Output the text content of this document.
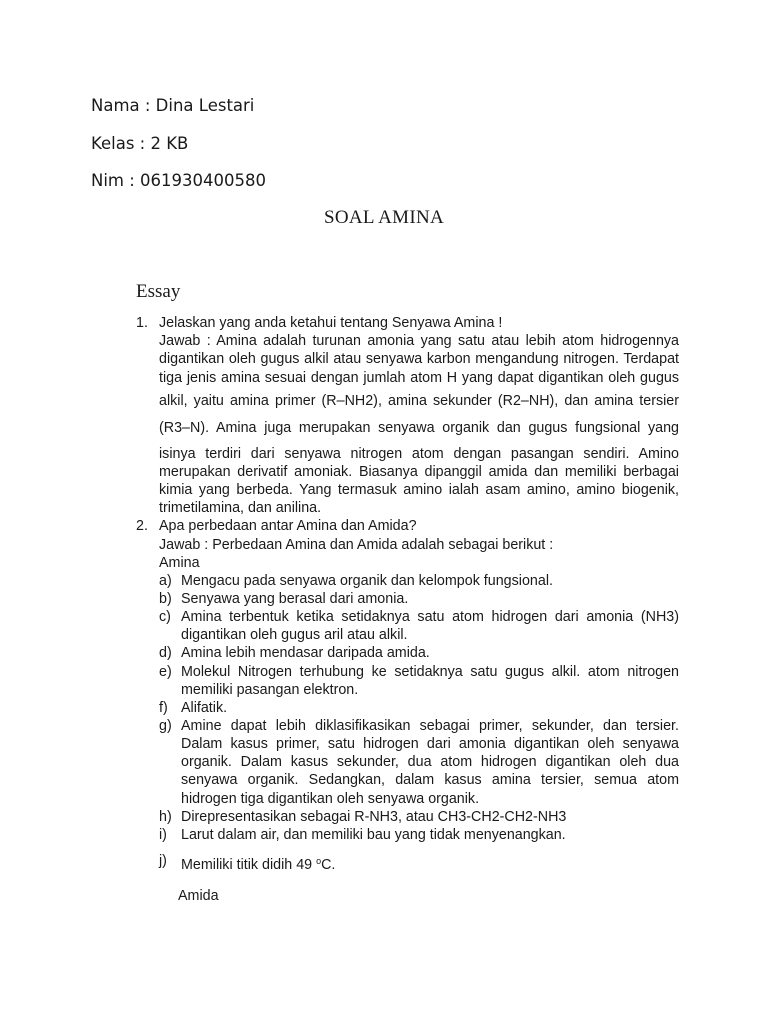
Nama : Dina Lestari
Kelas : 2 KB
Nim : 061930400580
SOAL AMINA
Essay
1. Jelaskan yang anda ketahui tentang Senyawa Amina !
Jawab : Amina adalah turunan amonia yang satu atau lebih atom hidrogennya
digantikan oleh gugus alkil atau senyawa karbon mengandung nitrogen. Terdapat
tiga jenis amina sesuai dengan jumlah atom H yang dapat digantikan oleh gugus
alkil, yaitu amina primer (R–NH2), amina sekunder (R2–NH), dan amina tersier
(R3–N). Amina juga merupakan senyawa organik dan gugus fungsional yang
isinya terdiri dari senyawa nitrogen atom dengan pasangan sendiri. Amino
merupakan derivatif amoniak. Biasanya dipanggil amida dan memiliki berbagai
kimia yang berbeda. Yang termasuk amino ialah asam amino, amino biogenik,
trimetilamina, dan anilina.
2. Apa perbedaan antar Amina dan Amida?
Jawab : Perbedaan Amina dan Amida adalah sebagai berikut :
Amina
a) Mengacu pada senyawa organik dan kelompok fungsional.
b) Senyawa yang berasal dari amonia.
c) Amina terbentuk ketika setidaknya satu atom hidrogen dari amonia (NH3)
digantikan oleh gugus aril atau alkil.
d) Amina lebih mendasar daripada amida.
e) Molekul Nitrogen terhubung ke setidaknya satu gugus alkil. atom nitrogen
memiliki pasangan elektron.
f) Alifatik.
g) Amine dapat lebih diklasifikasikan sebagai primer, sekunder, dan tersier.
Dalam kasus primer, satu hidrogen dari amonia digantikan oleh senyawa
organik. Dalam kasus sekunder, dua atom hidrogen digantikan oleh dua
senyawa organik. Sedangkan, dalam kasus amina tersier, semua atom
hidrogen tiga digantikan oleh senyawa organik.
h) Direpresentasikan sebagai R-NH3, atau CH3-CH2-CH2-NH3
i) Larut dalam air, dan memiliki bau yang tidak menyenangkan.
j) Memiliki titik didih 49 $^o$C.
Amida
